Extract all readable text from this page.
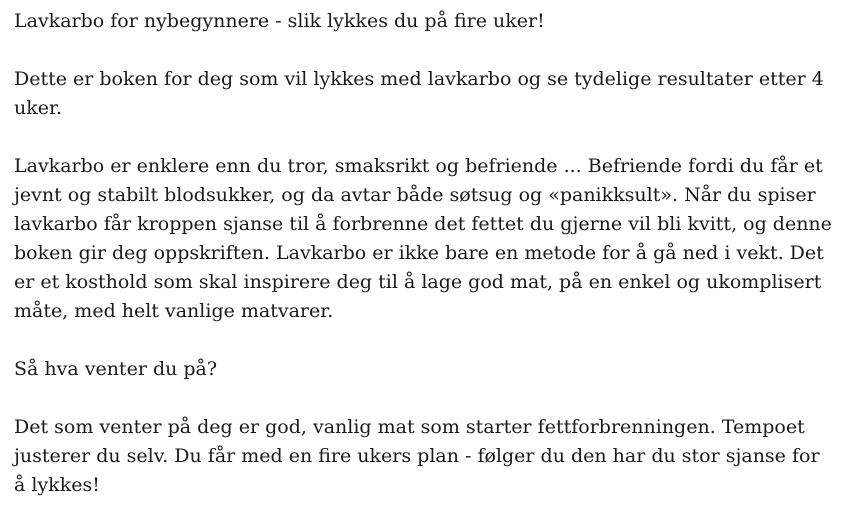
Lavkarbo for nybegynnere - slik lykkes du på fire uker!

Dette er boken for deg som vil lykkes med lavkarbo og se tydelige resultater etter 4
uker.

Lavkarbo er enklere enn du tror, smaksrikt og befriende ... Befriende fordi du får et
jevnt og stabilt blodsukker, og da avtar både søtsug og «panikksult». Når du spiser
lavkarbo får kroppen sjanse til å forbrenne det fettet du gjerne vil bli kvitt, og denne
boken gir deg oppskriften. Lavkarbo er ikke bare en metode for å gå ned i vekt. Det
er et kosthold som skal inspirere deg til å lage god mat, på en enkel og ukomplisert
måte, med helt vanlige matvarer.

Så hva venter du på?

Det som venter på deg er god, vanlig mat som starter fettforbrenningen. Tempoet
justerer du selv. Du får med en fire ukers plan - følger du den har du stor sjanse for
å lykkes!
